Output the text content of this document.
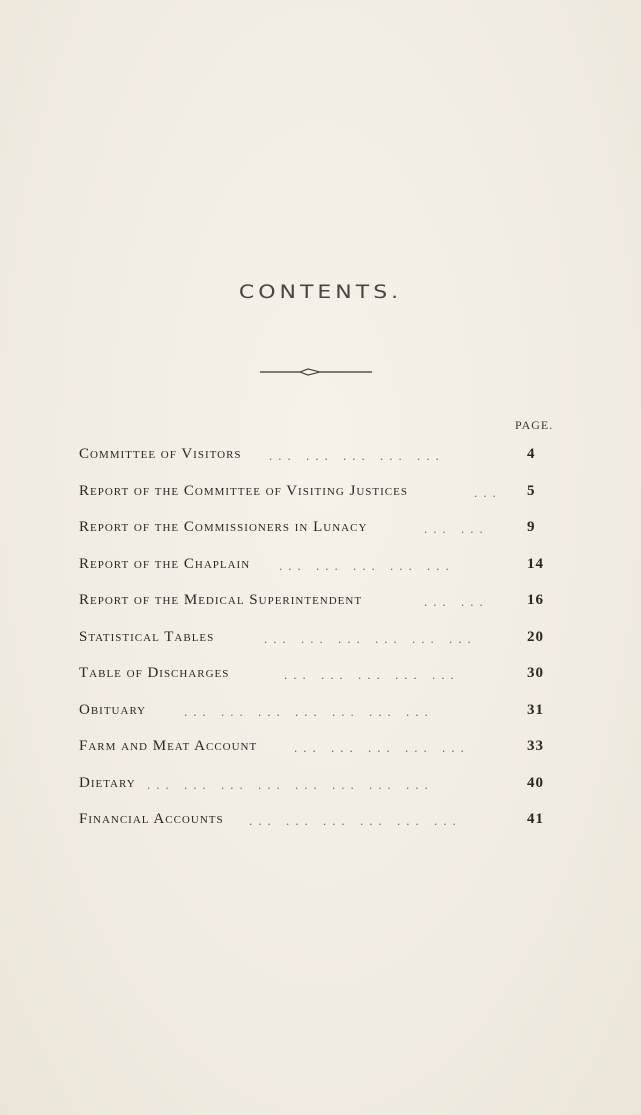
CONTENTS.
PAGE.
Committee of Visitors ... ... ... ... ...	4
Report of the Committee of Visiting Justices	... 5
Report of the Commissioners in Lunacy	... ...	9
Report of the Chaplain ... ... ... ... ...	14
Report of the Medical Superintendent	... ...	16
Statistical Tables	... ... ... ... ... ...	20
Table of Discharges	... ... ... ... ...	30
Obituary	... ... ... ... ... ... ...	31
Farm and Meat Account	... ... ... ... ...	33
Dietary ... ... ... ... ... ... ... ...	40
Financial Accounts ... ... ... ... ... ...	41
